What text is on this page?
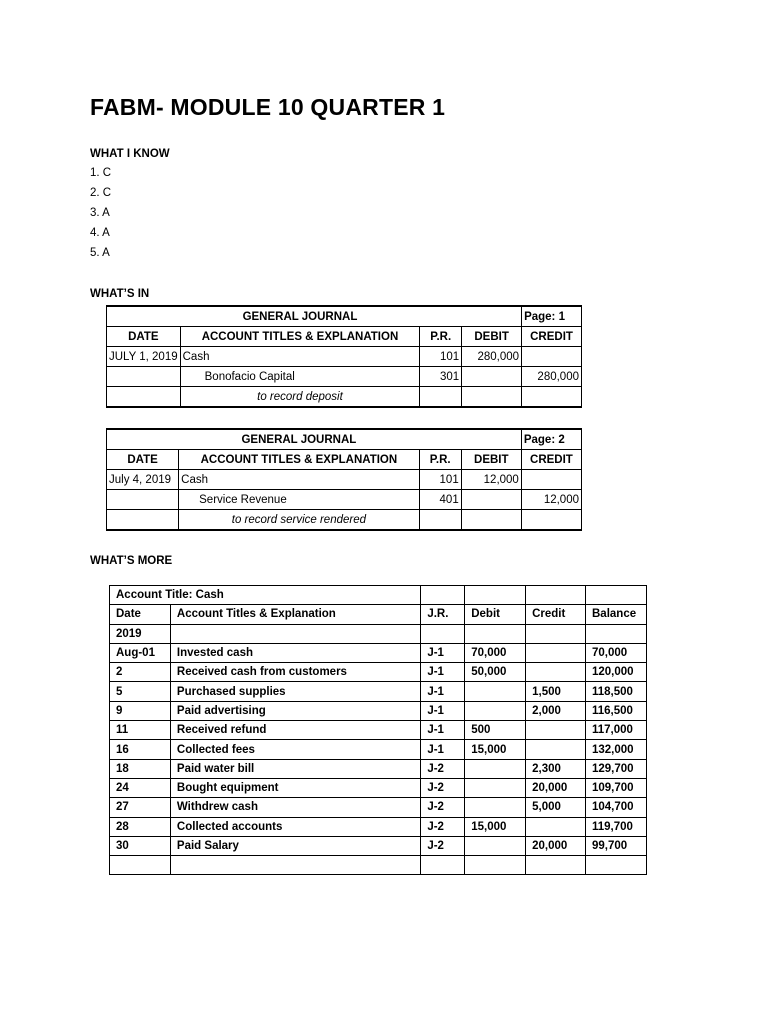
FABM- MODULE 10 QUARTER 1
WHAT I KNOW
1. C
2. C
3. A
4. A
5. A
WHAT’S IN
	GENERAL JOURNAL			Page: 1
DATE	ACCOUNT TITLES & EXPLANATION	P.R.	DEBIT	CREDIT
JULY 1, 2019	Cash	101	280,000	
	Bonofacio Capital	301		280,000
	to record deposit			
	GENERAL JOURNAL			Page: 2
DATE	ACCOUNT TITLES & EXPLANATION	P.R.	DEBIT	CREDIT
July 4, 2019	Cash	101	12,000	
	Service Revenue	401		12,000
	to record service rendered			
WHAT’S MORE
Account Title: Cash					
Date	Account Titles & Explanation	J.R.	Debit	Credit	Balance
2019					
Aug-01	Invested cash	J-1	70,000		70,000
2	Received cash from customers	J-1	50,000		120,000
5	Purchased supplies	J-1		1,500	118,500
9	Paid advertising	J-1		2,000	116,500
11	Received refund	J-1	500		117,000
16	Collected fees	J-1	15,000		132,000
18	Paid water bill	J-2		2,300	129,700
24	Bought equipment	J-2		20,000	109,700
27	Withdrew cash	J-2		5,000	104,700
28	Collected accounts	J-2	15,000		119,700
30	Paid Salary	J-2		20,000	99,700
